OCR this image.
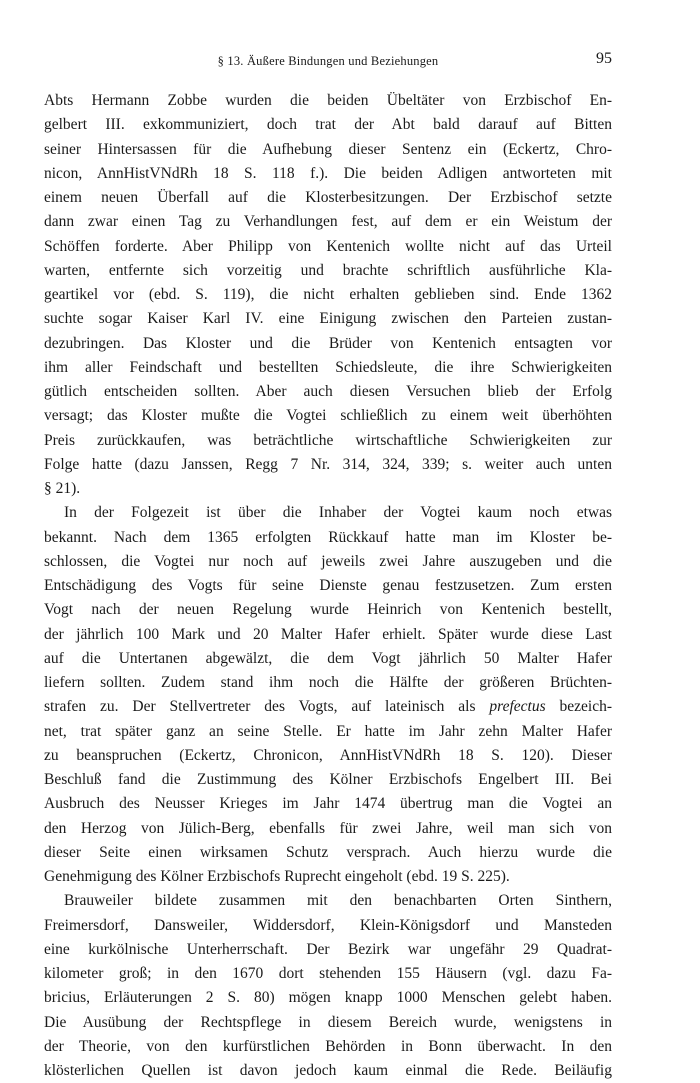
§ 13. Äußere Bindungen und Beziehungen	95

Abts Hermann Zobbe wurden die beiden Übeltäter von Erzbischof En-
gelbert III. exkommuniziert, doch trat der Abt bald darauf auf Bitten
seiner Hintersassen für die Aufhebung dieser Sentenz ein (Eckertz, Chro-
nicon, AnnHistVNdRh 18 S. 118 f.). Die beiden Adligen antworteten mit
einem neuen Überfall auf die Klosterbesitzungen. Der Erzbischof setzte
dann zwar einen Tag zu Verhandlungen fest, auf dem er ein Weistum der
Schöffen forderte. Aber Philipp von Kentenich wollte nicht auf das Urteil
warten, entfernte sich vorzeitig und brachte schriftlich ausführliche Kla-
geartikel vor (ebd. S. 119), die nicht erhalten geblieben sind. Ende 1362
suchte sogar Kaiser Karl IV. eine Einigung zwischen den Parteien zustan-
dezubringen. Das Kloster und die Brüder von Kentenich entsagten vor
ihm aller Feindschaft und bestellten Schiedsleute, die ihre Schwierigkeiten
gütlich entscheiden sollten. Aber auch diesen Versuchen blieb der Erfolg
versagt; das Kloster mußte die Vogtei schließlich zu einem weit überhöhten
Preis zurückkaufen, was beträchtliche wirtschaftliche Schwierigkeiten zur
Folge hatte (dazu Janssen, Regg 7 Nr. 314, 324, 339; s. weiter auch unten
§ 21).

In der Folgezeit ist über die Inhaber der Vogtei kaum noch etwas
bekannt. Nach dem 1365 erfolgten Rückkauf hatte man im Kloster be-
schlossen, die Vogtei nur noch auf jeweils zwei Jahre auszugeben und die
Entschädigung des Vogts für seine Dienste genau festzusetzen. Zum ersten
Vogt nach der neuen Regelung wurde Heinrich von Kentenich bestellt,
der jährlich 100 Mark und 20 Malter Hafer erhielt. Später wurde diese Last
auf die Untertanen abgewälzt, die dem Vogt jährlich 50 Malter Hafer
liefern sollten. Zudem stand ihm noch die Hälfte der größeren Brüchten-
strafen zu. Der Stellvertreter des Vogts, auf lateinisch als prefectus bezeich-
net, trat später ganz an seine Stelle. Er hatte im Jahr zehn Malter Hafer
zu beanspruchen (Eckertz, Chronicon, AnnHistVNdRh 18 S. 120). Dieser
Beschluß fand die Zustimmung des Kölner Erzbischofs Engelbert III. Bei
Ausbruch des Neusser Krieges im Jahr 1474 übertrug man die Vogtei an
den Herzog von Jülich-Berg, ebenfalls für zwei Jahre, weil man sich von
dieser Seite einen wirksamen Schutz versprach. Auch hierzu wurde die
Genehmigung des Kölner Erzbischofs Ruprecht eingeholt (ebd. 19 S. 225).

Brauweiler bildete zusammen mit den benachbarten Orten Sinthern,
Freimersdorf, Dansweiler, Widdersdorf, Klein-Königsdorf und Mansteden
eine kurkölnische Unterherrschaft. Der Bezirk war ungefähr 29 Quadrat-
kilometer groß; in den 1670 dort stehenden 155 Häusern (vgl. dazu Fa-
bricius, Erläuterungen 2 S. 80) mögen knapp 1000 Menschen gelebt haben.
Die Ausübung der Rechtspflege in diesem Bereich wurde, wenigstens in
der Theorie, von den kurfürstlichen Behörden in Bonn überwacht. In den
klösterlichen Quellen ist davon jedoch kaum einmal die Rede. Beiläufig
